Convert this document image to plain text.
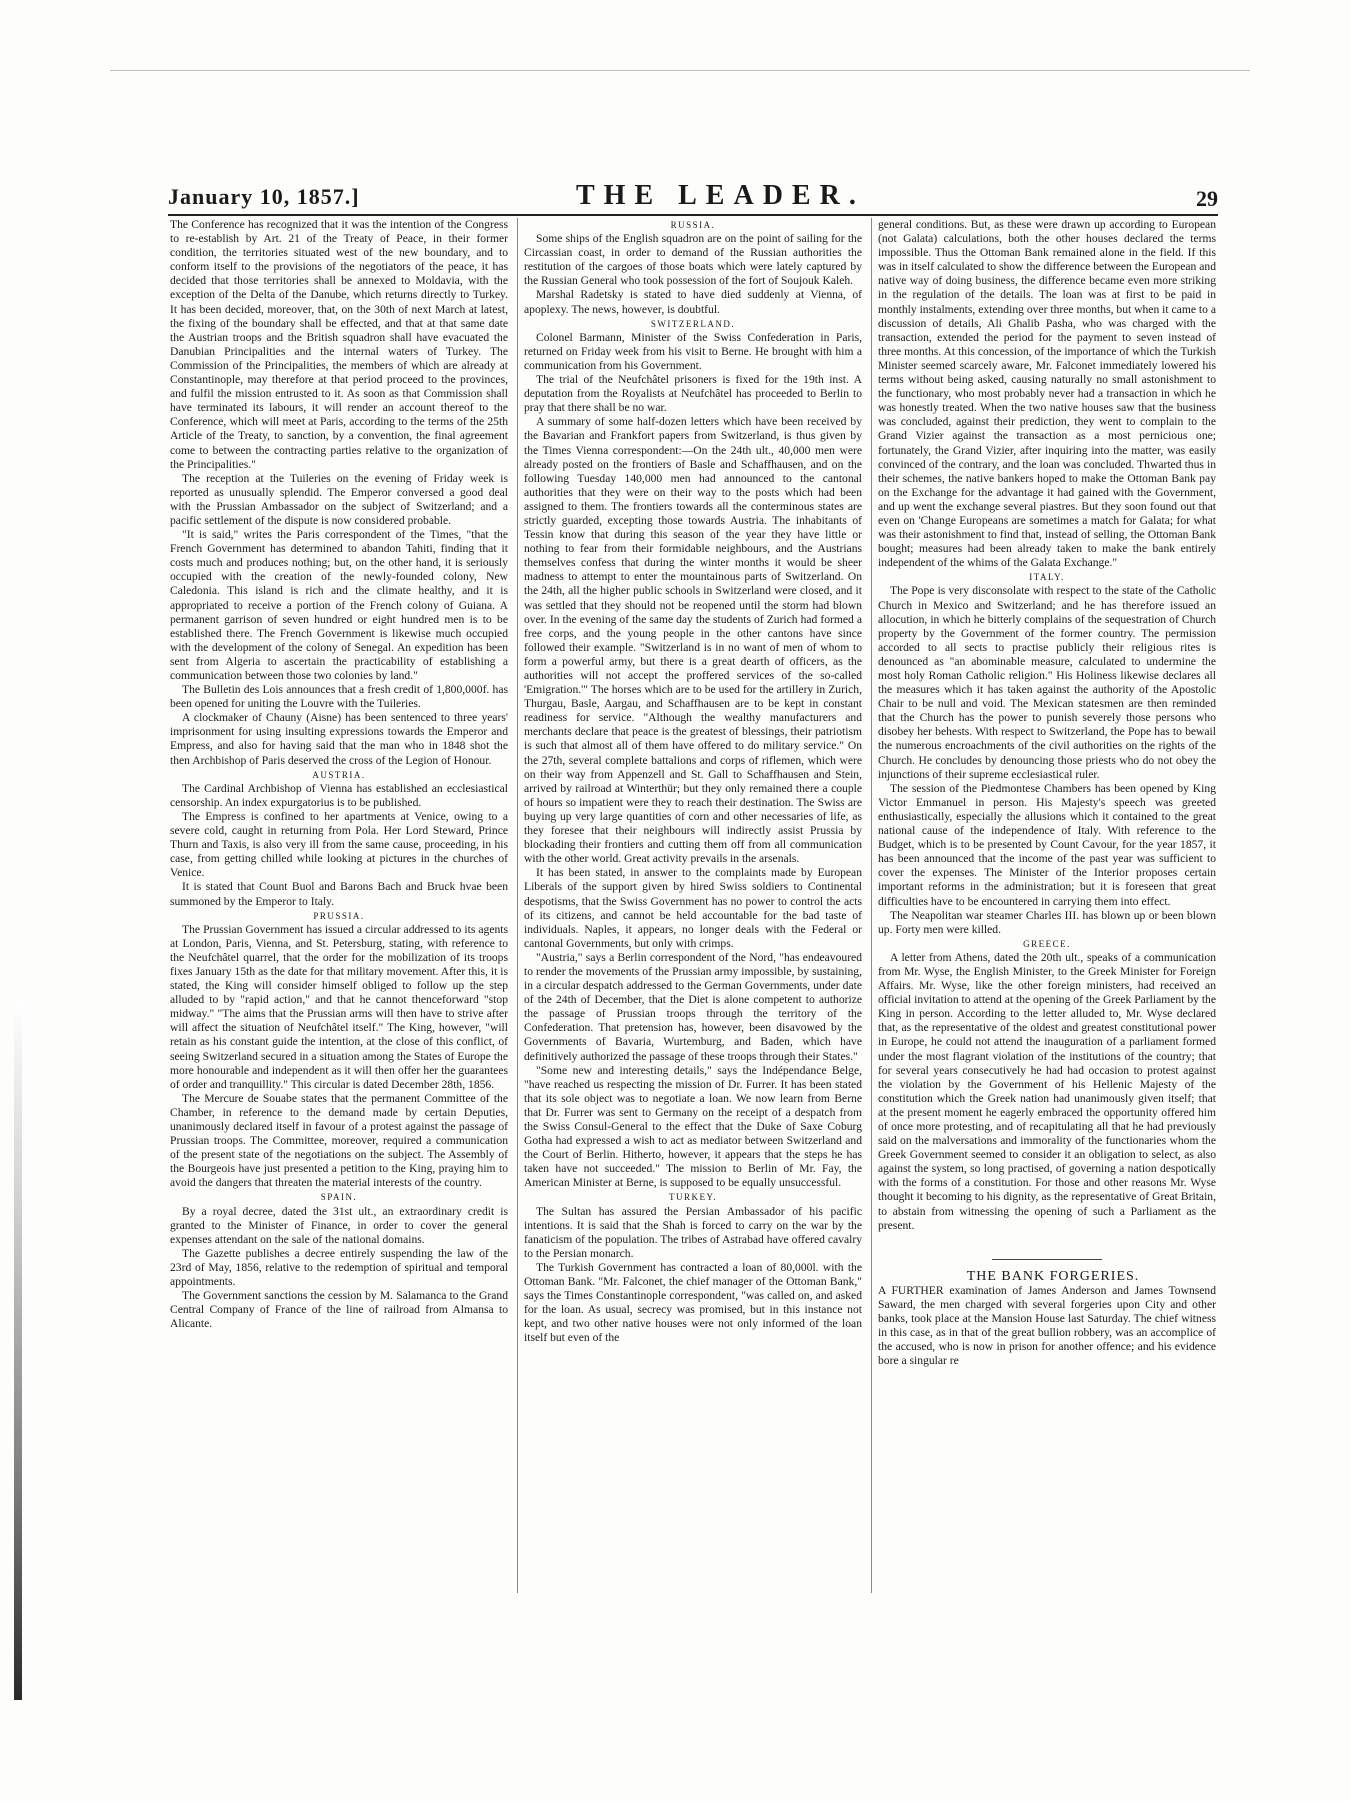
January 10, 1857.]	THE LEADER.	29

The Conference has recognized that it was the intention of the Congress to re-establish by Art. 21 of the Treaty of Peace, in their former condition, the territories situated west of the new boundary, and to conform itself to the provisions of the negotiators of the peace, it has decided that those territories shall be annexed to Moldavia, with the exception of the Delta of the Danube, which returns directly to Turkey. It has been decided, moreover, that, on the 30th of next March at latest, the fixing of the boundary shall be effected, and that at that same date the Austrian troops and the British squadron shall have evacuated the Danubian Principalities and the internal waters of Turkey. The Commission of the Principalities, the members of which are already at Constantinople, may therefore at that period proceed to the provinces, and fulfil the mission entrusted to it. As soon as that Commission shall have terminated its labours, it will render an account thereof to the Conference, which will meet at Paris, according to the terms of the 25th Article of the Treaty, to sanction, by a convention, the final agreement come to between the contracting parties relative to the organization of the Principalities."

The reception at the Tuileries on the evening of Friday week is reported as unusually splendid. The Emperor conversed a good deal with the Prussian Ambassador on the subject of Switzerland; and a pacific settlement of the dispute is now considered probable.

"It is said," writes the Paris correspondent of the Times, "that the French Government has determined to abandon Tahiti, finding that it costs much and produces nothing; but, on the other hand, it is seriously occupied with the creation of the newly-founded colony, New Caledonia. This island is rich and the climate healthy, and it is appropriated to receive a portion of the French colony of Guiana. A permanent garrison of seven hundred or eight hundred men is to be established there. The French Government is likewise much occupied with the development of the colony of Senegal. An expedition has been sent from Algeria to ascertain the practicability of establishing a communication between those two colonies by land."

The Bulletin des Lois announces that a fresh credit of 1,800,000f. has been opened for uniting the Louvre with the Tuileries.

A clockmaker of Chauny (Aisne) has been sentenced to three years' imprisonment for using insulting expressions towards the Emperor and Empress, and also for having said that the man who in 1848 shot the then Archbishop of Paris deserved the cross of the Legion of Honour.

AUSTRIA.

The Cardinal Archbishop of Vienna has established an ecclesiastical censorship. An index expurgatorius is to be published.

The Empress is confined to her apartments at Venice, owing to a severe cold, caught in returning from Pola. Her Lord Steward, Prince Thurn and Taxis, is also very ill from the same cause, proceeding, in his case, from getting chilled while looking at pictures in the churches of Venice.

It is stated that Count Buol and Barons Bach and Bruck hvae been summoned by the Emperor to Italy.

PRUSSIA.

The Prussian Government has issued a circular addressed to its agents at London, Paris, Vienna, and St. Petersburg, stating, with reference to the Neufchâtel quarrel, that the order for the mobilization of its troops fixes January 15th as the date for that military movement. After this, it is stated, the King will consider himself obliged to follow up the step alluded to by "rapid action," and that he cannot thenceforward "stop midway." "The aims that the Prussian arms will then have to strive after will affect the situation of Neufchâtel itself." The King, however, "will retain as his constant guide the intention, at the close of this conflict, of seeing Switzerland secured in a situation among the States of Europe the more honourable and independent as it will then offer her the guarantees of order and tranquillity." This circular is dated December 28th, 1856.

The Mercure de Souabe states that the permanent Committee of the Chamber, in reference to the demand made by certain Deputies, unanimously declared itself in favour of a protest against the passage of Prussian troops. The Committee, moreover, required a communication of the present state of the negotiations on the subject. The Assembly of the Bourgeois have just presented a petition to the King, praying him to avoid the dangers that threaten the material interests of the country.

SPAIN.

By a royal decree, dated the 31st ult., an extraordinary credit is granted to the Minister of Finance, in order to cover the general expenses attendant on the sale of the national domains.

The Gazette publishes a decree entirely suspending the law of the 23rd of May, 1856, relative to the redemption of spiritual and temporal appointments.

The Government sanctions the cession by M. Salamanca to the Grand Central Company of France of the line of railroad from Almansa to Alicante.

RUSSIA.

Some ships of the English squadron are on the point of sailing for the Circassian coast, in order to demand of the Russian authorities the restitution of the cargoes of those boats which were lately captured by the Russian General who took possession of the fort of Soujouk Kaleh.

Marshal Radetsky is stated to have died suddenly at Vienna, of apoplexy. The news, however, is doubtful.

SWITZERLAND.

Colonel Barmann, Minister of the Swiss Confederation in Paris, returned on Friday week from his visit to Berne. He brought with him a communication from his Government.

The trial of the Neufchâtel prisoners is fixed for the 19th inst. A deputation from the Royalists at Neufchâtel has proceeded to Berlin to pray that there shall be no war.

A summary of some half-dozen letters which have been received by the Bavarian and Frankfort papers from Switzerland, is thus given by the Times Vienna correspondent:—On the 24th ult., 40,000 men were already posted on the frontiers of Basle and Schaffhausen, and on the following Tuesday 140,000 men had announced to the cantonal authorities that they were on their way to the posts which had been assigned to them. The frontiers towards all the conterminous states are strictly guarded, excepting those towards Austria. The inhabitants of Tessin know that during this season of the year they have little or nothing to fear from their formidable neighbours, and the Austrians themselves confess that during the winter months it would be sheer madness to attempt to enter the mountainous parts of Switzerland. On the 24th, all the higher public schools in Switzerland were closed, and it was settled that they should not be reopened until the storm had blown over. In the evening of the same day the students of Zurich had formed a free corps, and the young people in the other cantons have since followed their example. "Switzerland is in no want of men of whom to form a powerful army, but there is a great dearth of officers, as the authorities will not accept the proffered services of the so-called 'Emigration.'" The horses which are to be used for the artillery in Zurich, Thurgau, Basle, Aargau, and Schaffhausen are to be kept in constant readiness for service. "Although the wealthy manufacturers and merchants declare that peace is the greatest of blessings, their patriotism is such that almost all of them have offered to do military service." On the 27th, several complete battalions and corps of riflemen, which were on their way from Appenzell and St. Gall to Schaffhausen and Stein, arrived by railroad at Winterthür; but they only remained there a couple of hours so impatient were they to reach their destination. The Swiss are buying up very large quantities of corn and other necessaries of life, as they foresee that their neighbours will indirectly assist Prussia by blockading their frontiers and cutting them off from all communication with the other world. Great activity prevails in the arsenals.

It has been stated, in answer to the complaints made by European Liberals of the support given by hired Swiss soldiers to Continental despotisms, that the Swiss Government has no power to control the acts of its citizens, and cannot be held accountable for the bad taste of individuals. Naples, it appears, no longer deals with the Federal or cantonal Governments, but only with crimps.

"Austria," says a Berlin correspondent of the Nord, "has endeavoured to render the movements of the Prussian army impossible, by sustaining, in a circular despatch addressed to the German Governments, under date of the 24th of December, that the Diet is alone competent to authorize the passage of Prussian troops through the territory of the Confederation. That pretension has, however, been disavowed by the Governments of Bavaria, Wurtemburg, and Baden, which have definitively authorized the passage of these troops through their States."

"Some new and interesting details," says the Indépendance Belge, "have reached us respecting the mission of Dr. Furrer. It has been stated that its sole object was to negotiate a loan. We now learn from Berne that Dr. Furrer was sent to Germany on the receipt of a despatch from the Swiss Consul-General to the effect that the Duke of Saxe Coburg Gotha had expressed a wish to act as mediator between Switzerland and the Court of Berlin. Hitherto, however, it appears that the steps he has taken have not succeeded." The mission to Berlin of Mr. Fay, the American Minister at Berne, is supposed to be equally unsuccessful.

TURKEY.

The Sultan has assured the Persian Ambassador of his pacific intentions. It is said that the Shah is forced to carry on the war by the fanaticism of the population. The tribes of Astrabad have offered cavalry to the Persian monarch.

The Turkish Government has contracted a loan of 80,000l. with the Ottoman Bank. "Mr. Falconet, the chief manager of the Ottoman Bank," says the Times Constantinople correspondent, "was called on, and asked for the loan. As usual, secrecy was promised, but in this instance not kept, and two other native houses were not only informed of the loan itself but even of the

general conditions. But, as these were drawn up according to European (not Galata) calculations, both the other houses declared the terms impossible. Thus the Ottoman Bank remained alone in the field. If this was in itself calculated to show the difference between the European and native way of doing business, the difference became even more striking in the regulation of the details. The loan was at first to be paid in monthly instalments, extending over three months, but when it came to a discussion of details, Ali Ghalib Pasha, who was charged with the transaction, extended the period for the payment to seven instead of three months. At this concession, of the importance of which the Turkish Minister seemed scarcely aware, Mr. Falconet immediately lowered his terms without being asked, causing naturally no small astonishment to the functionary, who most probably never had a transaction in which he was honestly treated. When the two native houses saw that the business was concluded, against their prediction, they went to complain to the Grand Vizier against the transaction as a most pernicious one; fortunately, the Grand Vizier, after inquiring into the matter, was easily convinced of the contrary, and the loan was concluded. Thwarted thus in their schemes, the native bankers hoped to make the Ottoman Bank pay on the Exchange for the advantage it had gained with the Government, and up went the exchange several piastres. But they soon found out that even on 'Change Europeans are sometimes a match for Galata; for what was their astonishment to find that, instead of selling, the Ottoman Bank bought; measures had been already taken to make the bank entirely independent of the whims of the Galata Exchange."

ITALY.

The Pope is very disconsolate with respect to the state of the Catholic Church in Mexico and Switzerland; and he has therefore issued an allocution, in which he bitterly complains of the sequestration of Church property by the Government of the former country. The permission accorded to all sects to practise publicly their religious rites is denounced as "an abominable measure, calculated to undermine the most holy Roman Catholic religion." His Holiness likewise declares all the measures which it has taken against the authority of the Apostolic Chair to be null and void. The Mexican statesmen are then reminded that the Church has the power to punish severely those persons who disobey her behests. With respect to Switzerland, the Pope has to bewail the numerous encroachments of the civil authorities on the rights of the Church. He concludes by denouncing those priests who do not obey the injunctions of their supreme ecclesiastical ruler.

The session of the Piedmontese Chambers has been opened by King Victor Emmanuel in person. His Majesty's speech was greeted enthusiastically, especially the allusions which it contained to the great national cause of the independence of Italy. With reference to the Budget, which is to be presented by Count Cavour, for the year 1857, it has been announced that the income of the past year was sufficient to cover the expenses. The Minister of the Interior proposes certain important reforms in the administration; but it is foreseen that great difficulties have to be encountered in carrying them into effect.

The Neapolitan war steamer Charles III. has blown up or been blown up. Forty men were killed.

GREECE.

A letter from Athens, dated the 20th ult., speaks of a communication from Mr. Wyse, the English Minister, to the Greek Minister for Foreign Affairs. Mr. Wyse, like the other foreign ministers, had received an official invitation to attend at the opening of the Greek Parliament by the King in person. According to the letter alluded to, Mr. Wyse declared that, as the representative of the oldest and greatest constitutional power in Europe, he could not attend the inauguration of a parliament formed under the most flagrant violation of the institutions of the country; that for several years consecutively he had had occasion to protest against the violation by the Government of his Hellenic Majesty of the constitution which the Greek nation had unanimously given itself; that at the present moment he eagerly embraced the opportunity offered him of once more protesting, and of recapitulating all that he had previously said on the malversations and immorality of the functionaries whom the Greek Government seemed to consider it an obligation to select, as also against the system, so long practised, of governing a nation despotically with the forms of a constitution. For those and other reasons Mr. Wyse thought it becoming to his dignity, as the representative of Great Britain, to abstain from witnessing the opening of such a Parliament as the present.

THE BANK FORGERIES.

A FURTHER examination of James Anderson and James Townsend Saward, the men charged with several forgeries upon City and other banks, took place at the Mansion House last Saturday. The chief witness in this case, as in that of the great bullion robbery, was an accomplice of the accused, who is now in prison for another offence; and his evidence bore a singular re
